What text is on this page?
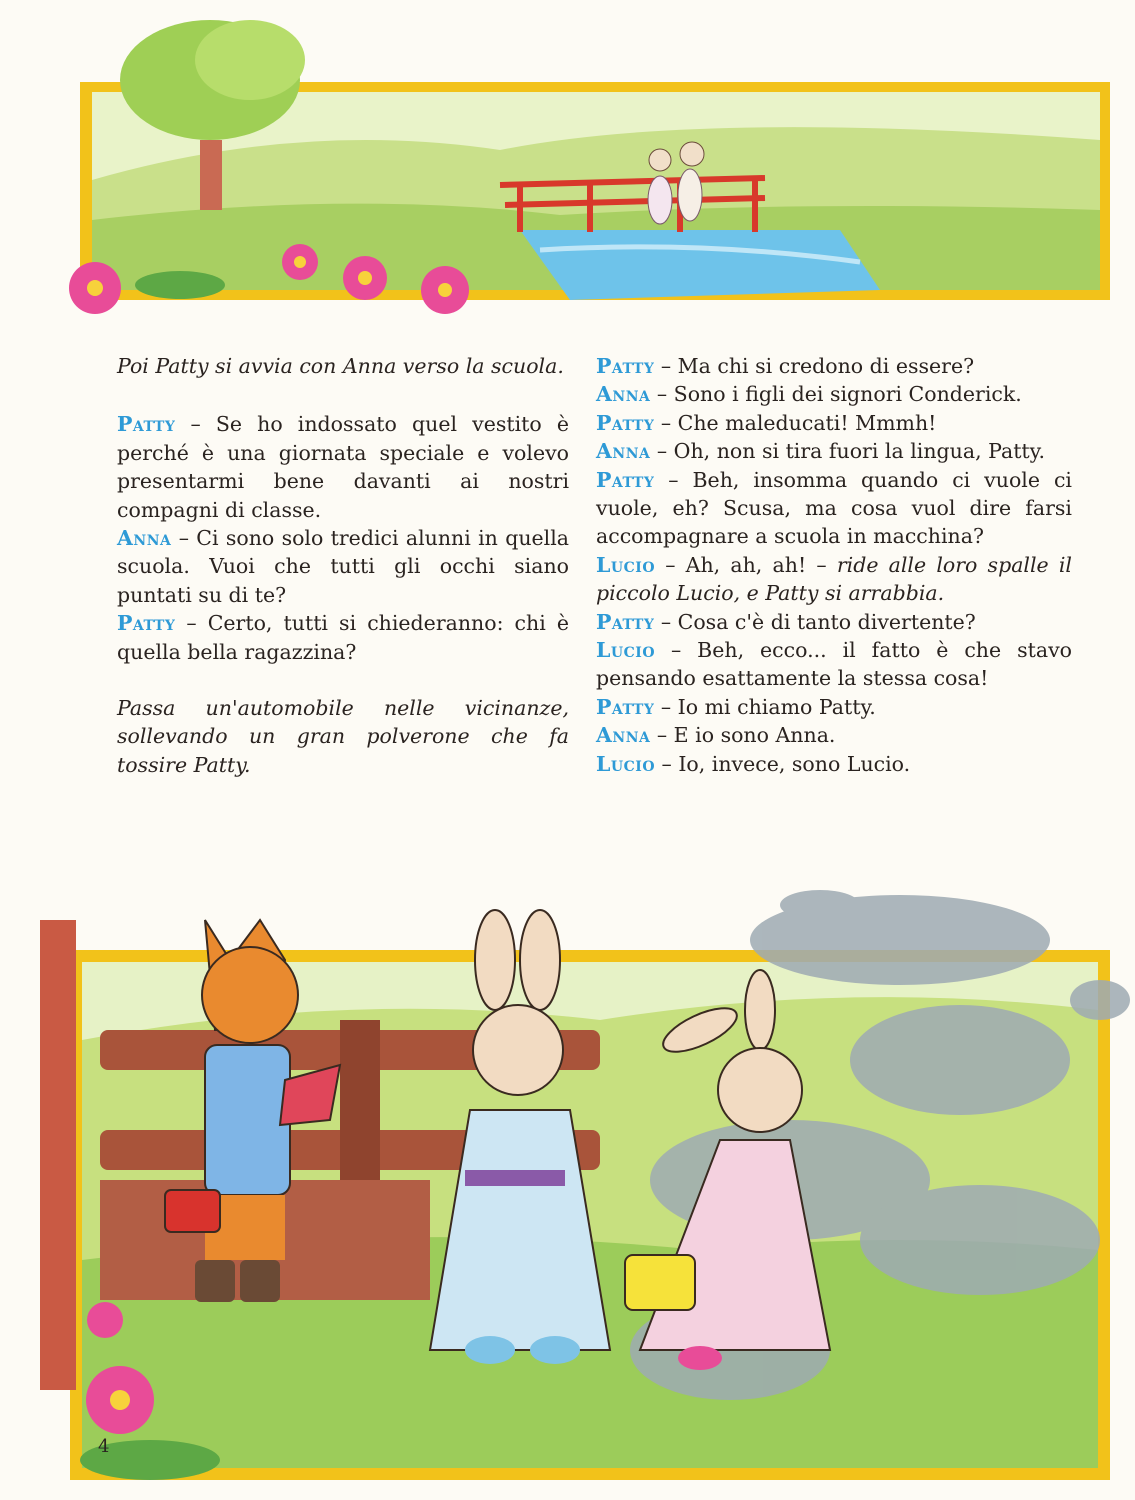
Poi Patty si avvia con Anna verso la scuola.

Patty – Se ho indossato quel vestito è perché è una giornata speciale e volevo presentarmi bene davanti ai nostri compagni di classe.

Anna – Ci sono solo tredici alunni in quella scuola. Vuoi che tutti gli occhi siano puntati su di te?

Patty – Certo, tutti si chiederanno: chi è quella bella ragazzina?

Passa un'automobile nelle vicinanze, sollevando un gran polverone che fa tossire Patty.

Patty – Ma chi si credono di essere?

Anna – Sono i figli dei signori Conderick.

Patty – Che maleducati! Mmmh!

Anna – Oh, non si tira fuori la lingua, Patty.

Patty – Beh, insomma quando ci vuole ci vuole, eh? Scusa, ma cosa vuol dire farsi accompagnare a scuola in macchina?

Lucio – Ah, ah, ah! – ride alle loro spalle il piccolo Lucio, e Patty si arrabbia.

Patty – Cosa c'è di tanto divertente?

Lucio – Beh, ecco... il fatto è che stavo pensando esattamente la stessa cosa!

Patty – Io mi chiamo Patty.

Anna – E io sono Anna.

Lucio – Io, invece, sono Lucio.

4
